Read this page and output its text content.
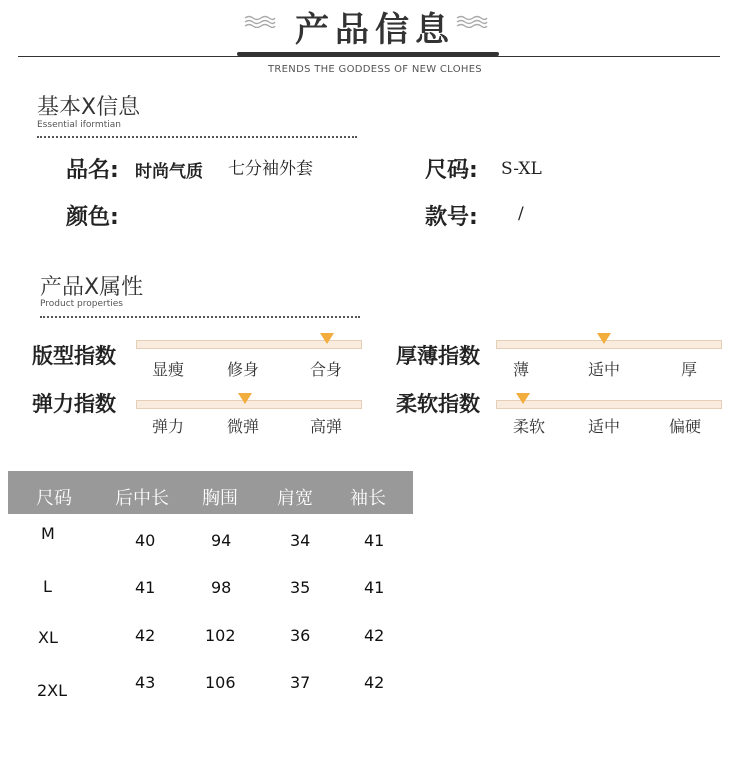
产品信息
TRENDS THE GODDESS OF NEW CLOHES
基本X信息
Essential iformtian
品名: 时尚气质 七分袖外套	尺码: S-XL
颜色:	款号: /
产品X属性
Product properties
版型指数
显瘦	修身	合身
厚薄指数
薄	适中	厚
弹力指数
弹力	微弹	高弹
柔软指数
柔软	适中	偏硬
尺码 后中长 胸围 肩宽 袖长
M	40	94	34	41
L	41	98	35	41
XL	42	102	36	42
2XL	43	106	37	42
